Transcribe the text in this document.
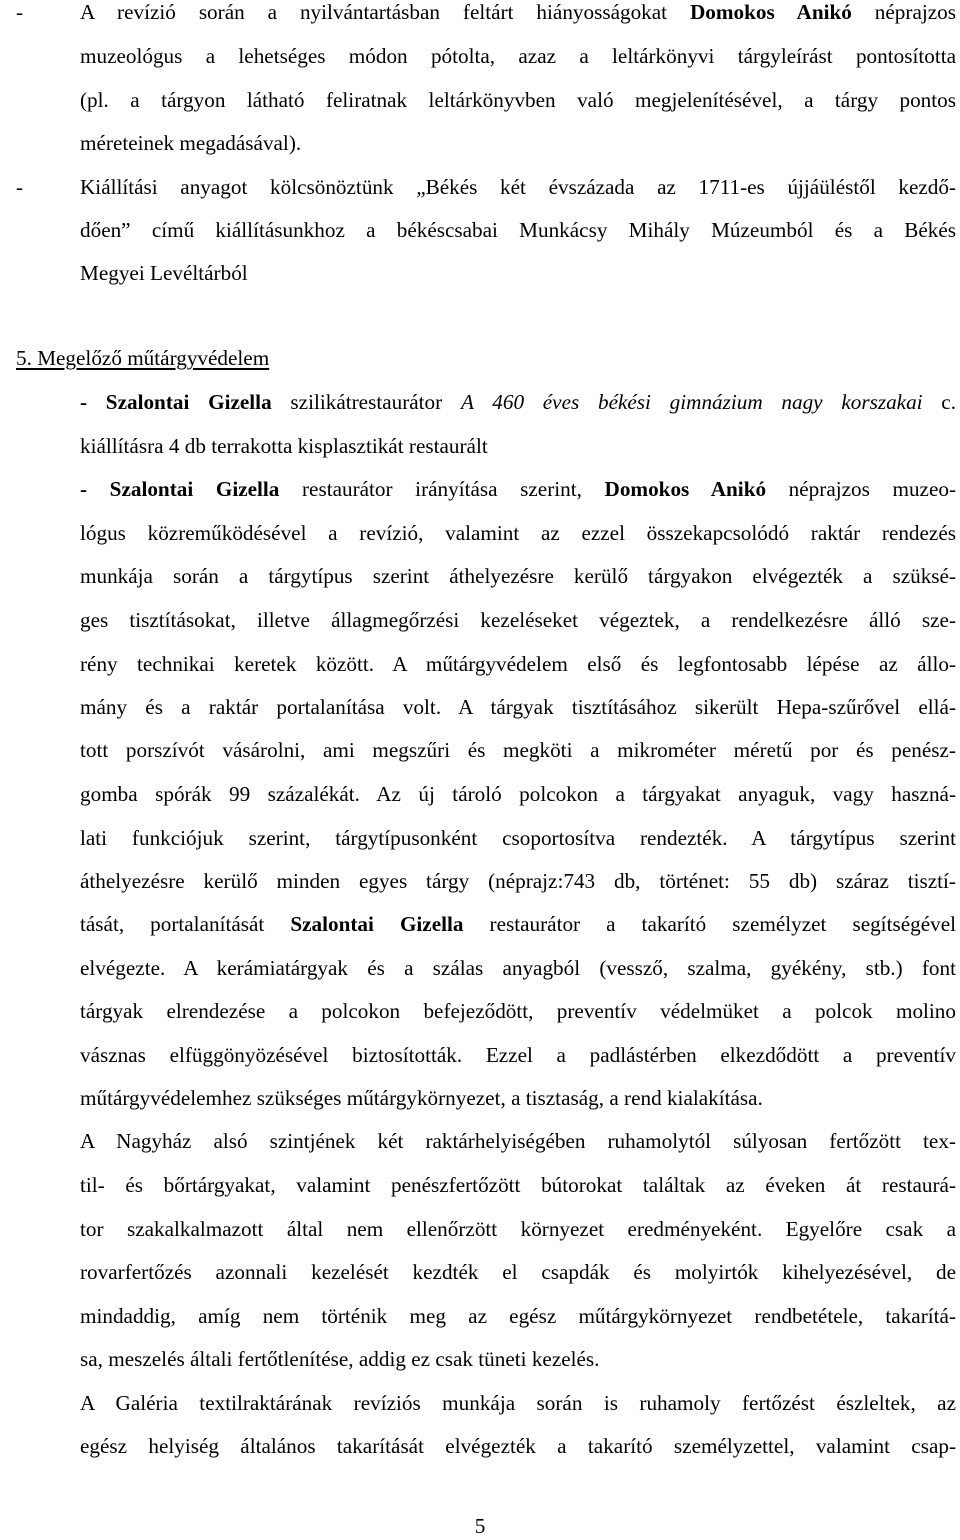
-	A revízió során a nyilvántartásban feltárt hiányosságokat Domokos Anikó néprajzos
muzeológus a lehetséges módon pótolta, azaz a leltárkönyvi tárgyleírást pontosította
(pl. a tárgyon látható feliratnak leltárkönyvben való megjelenítésével, a tárgy pontos
méreteinek megadásával).
-	Kiállítási anyagot kölcsönöztünk „Békés két évszázada az 1711-es újjáüléstől kezdő-
dően” című kiállításunkhoz a békéscsabai Munkácsy Mihály Múzeumból és a Békés
Megyei Levéltárból
5. Megelőző műtárgyvédelem
- Szalontai Gizella szilikátrestaurátor A 460 éves békési gimnázium nagy korszakai c.
kiállításra 4 db terrakotta kisplasztikát restaurált
- Szalontai Gizella restaurátor irányítása szerint, Domokos Anikó néprajzos muzeo-
lógus közreműködésével a revízió, valamint az ezzel összekapcsolódó raktár rendezés
munkája során a tárgytípus szerint áthelyezésre kerülő tárgyakon elvégezték a szüksé-
ges tisztításokat, illetve állagmegőrzési kezeléseket végeztek, a rendelkezésre álló sze-
rény technikai keretek között. A műtárgyvédelem első és legfontosabb lépése az állo-
mány és a raktár portalanítása volt. A tárgyak tisztításához sikerült Hepa-szűrővel ellá-
tott porszívót vásárolni, ami megszűri és megköti a mikrométer méretű por és penész-
gomba spórák 99 százalékát. Az új tároló polcokon a tárgyakat anyaguk, vagy haszná-
lati funkciójuk szerint, tárgytípusonként csoportosítva rendezték. A tárgytípus szerint
áthelyezésre kerülő minden egyes tárgy (néprajz:743 db, történet: 55 db) száraz tisztí-
tását, portalanítását Szalontai Gizella restaurátor a takarító személyzet segítségével
elvégezte. A kerámiatárgyak és a szálas anyagból (vessző, szalma, gyékény, stb.) font
tárgyak elrendezése a polcokon befejeződött, preventív védelmüket a polcok molino
vásznas elfüggönyözésével biztosították. Ezzel a padlástérben elkezdődött a preventív
műtárgyvédelemhez szükséges műtárgykörnyezet, a tisztaság, a rend kialakítása.
A Nagyház alsó szintjének két raktárhelyiségében ruhamolytól súlyosan fertőzött tex-
til- és bőrtárgyakat, valamint penészfertőzött bútorokat találtak az éveken át restaurá-
tor szakalkalmazott által nem ellenőrzött környezet eredményeként. Egyelőre csak a
rovarfertőzés azonnali kezelését kezdték el csapdák és molyirtók kihelyezésével, de
mindaddig, amíg nem történik meg az egész műtárgykörnyezet rendbetétele, takarítá-
sa, meszelés általi fertőtlenítése, addig ez csak tüneti kezelés.
A Galéria textilraktárának revíziós munkája során is ruhamoly fertőzést észleltek, az
egész helyiség általános takarítását elvégezték a takarító személyzettel, valamint csap-
5
